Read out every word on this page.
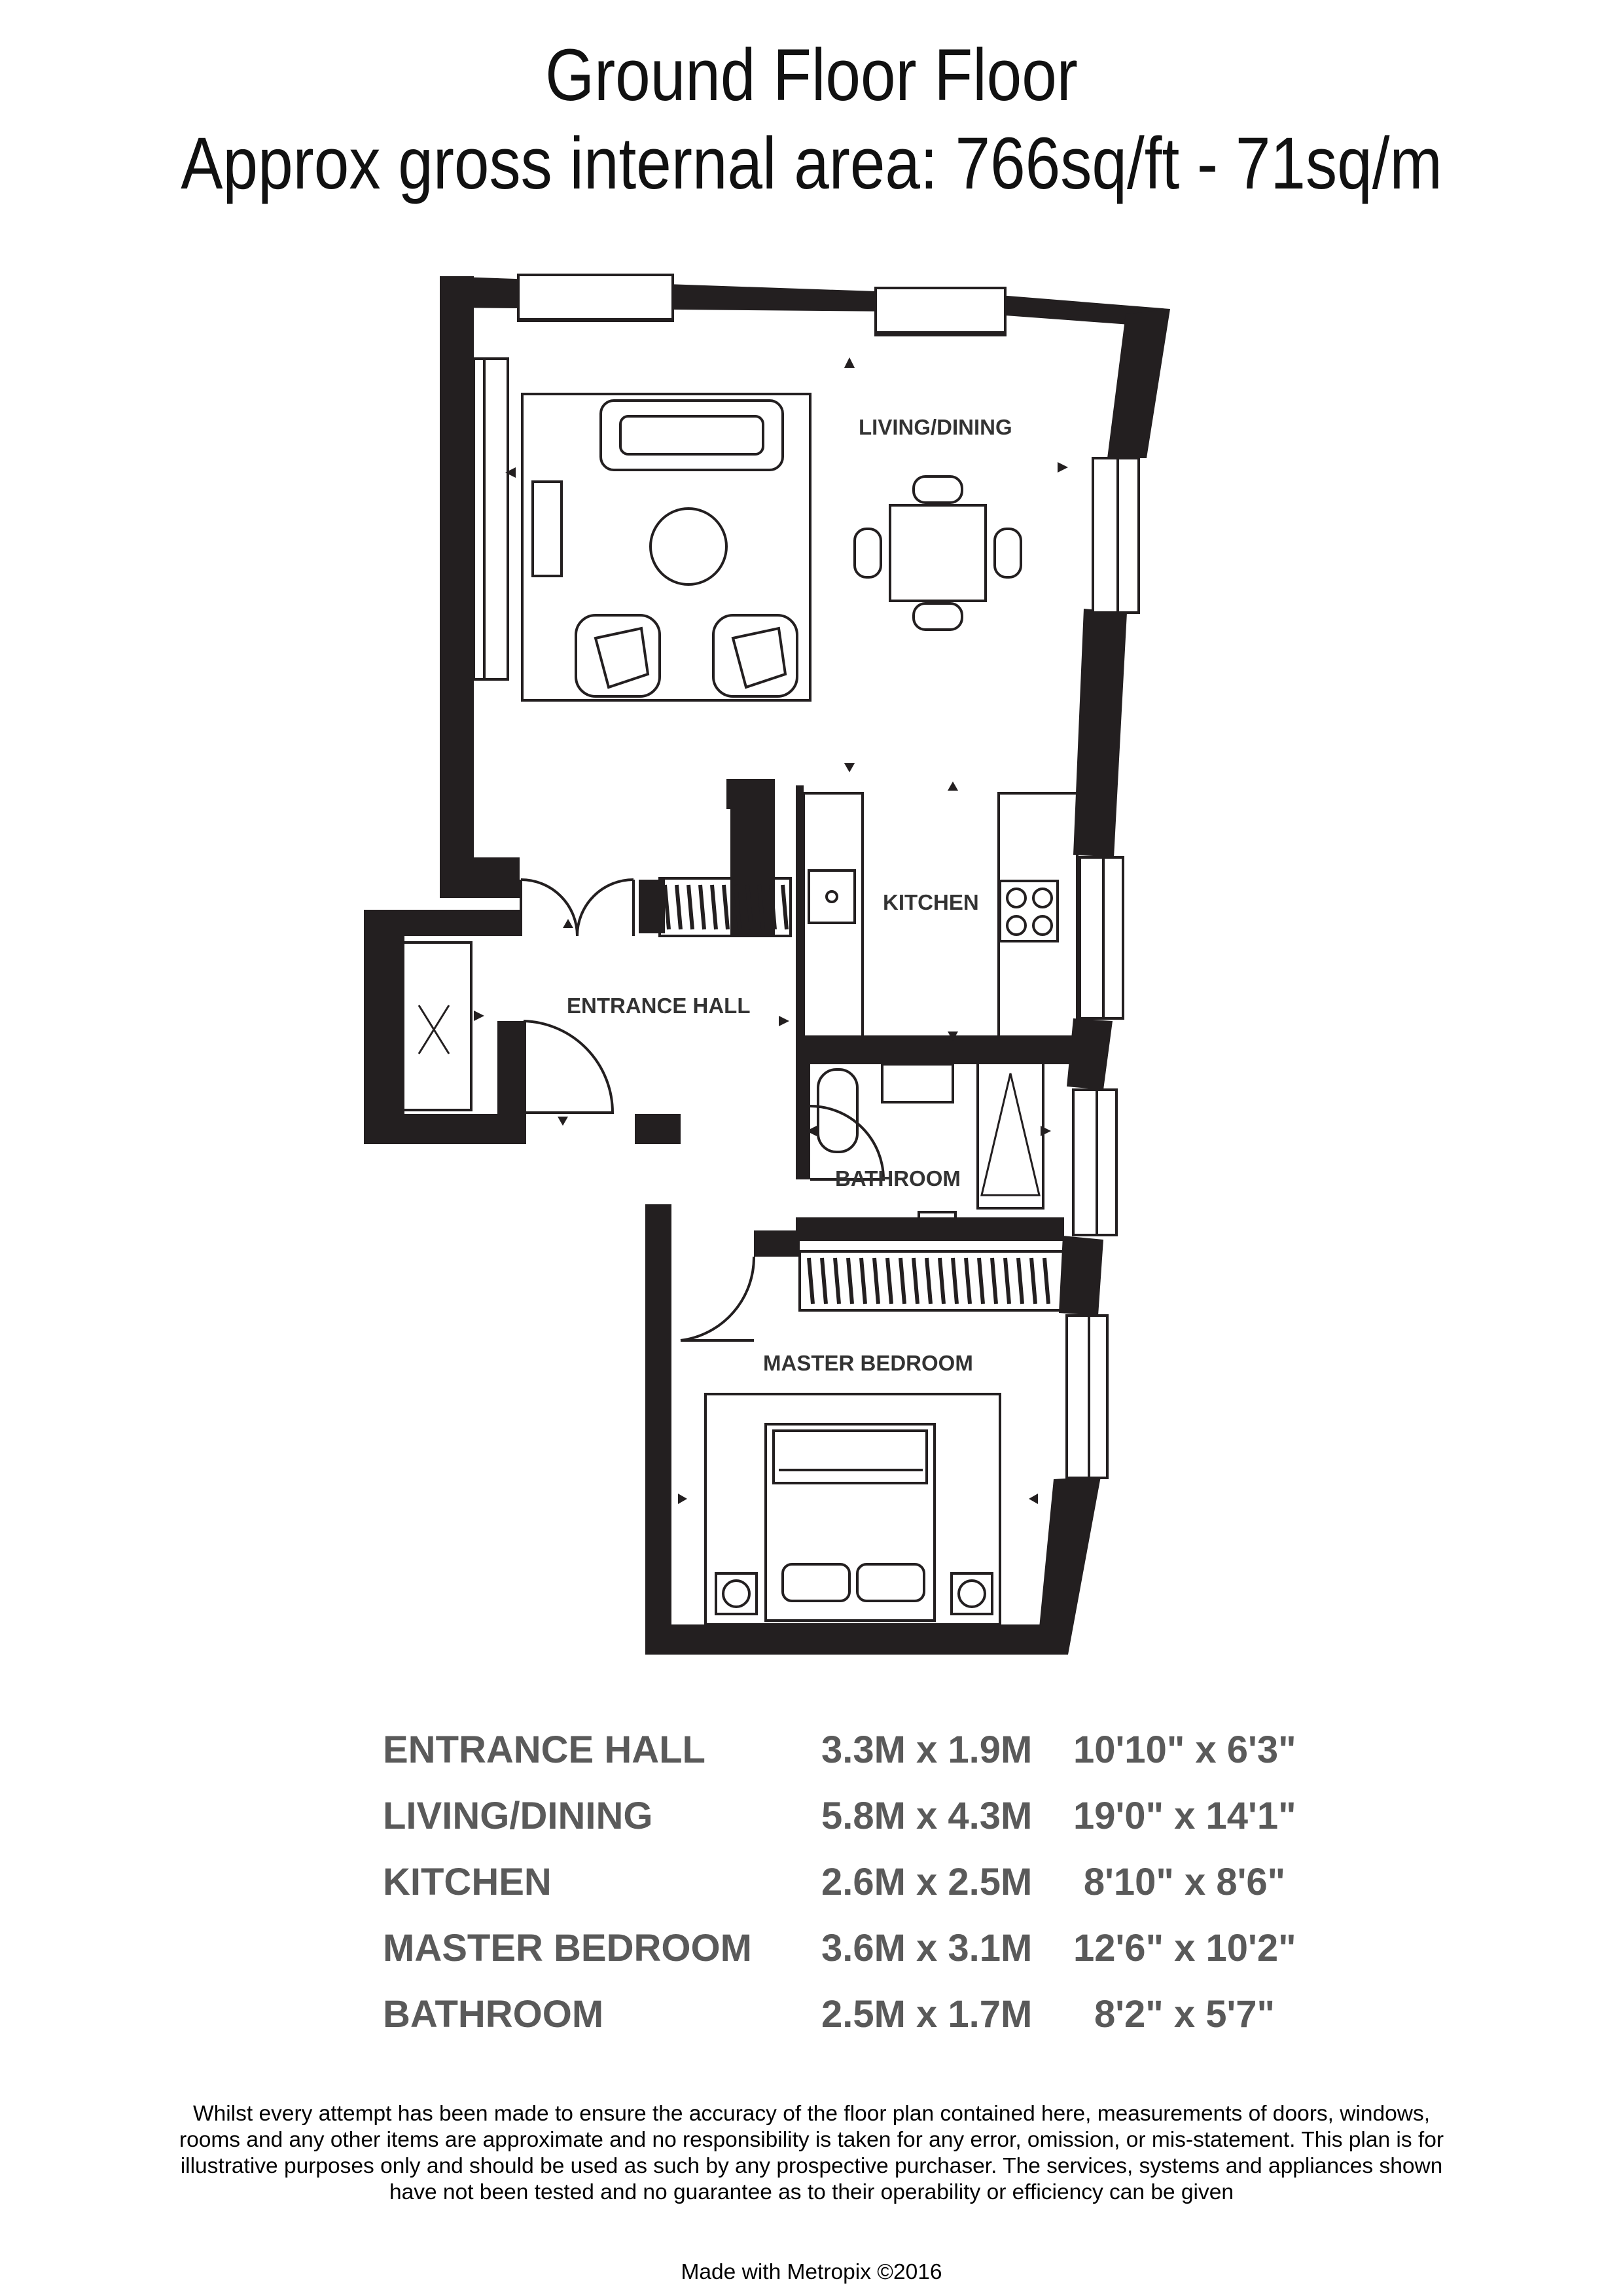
Ground Floor Floor
Approx gross internal area: 766sq/ft - 71sq/m
LIVING/DINING
KITCHEN
ENTRANCE HALL
BATHROOM
MASTER BEDROOM
ENTRANCE HALL	3.3M x 1.9M 10'10" x 6'3"
LIVING/DINING	5.8M x 4.3M 19'0" x 14'1"
KITCHEN	2.6M x 2.5M 8'10" x 8'6"
MASTER BEDROOM 3.6M x 3.1M 12'6" x 10'2"
BATHROOM	2.5M x 1.7M	8'2" x 5'7"
Whilst every attempt has been made to ensure the accuracy of the floor plan contained here, measurements of doors, windows, rooms and any other items are approximate and no responsibility is taken for any error, omission, or mis-statement. This plan is for illustrative purposes only and should be used as such by any prospective purchaser. The services, systems and appliances shown have not been tested and no guarantee as to their operability or efficiency can be given
Made with Metropix ©2016
